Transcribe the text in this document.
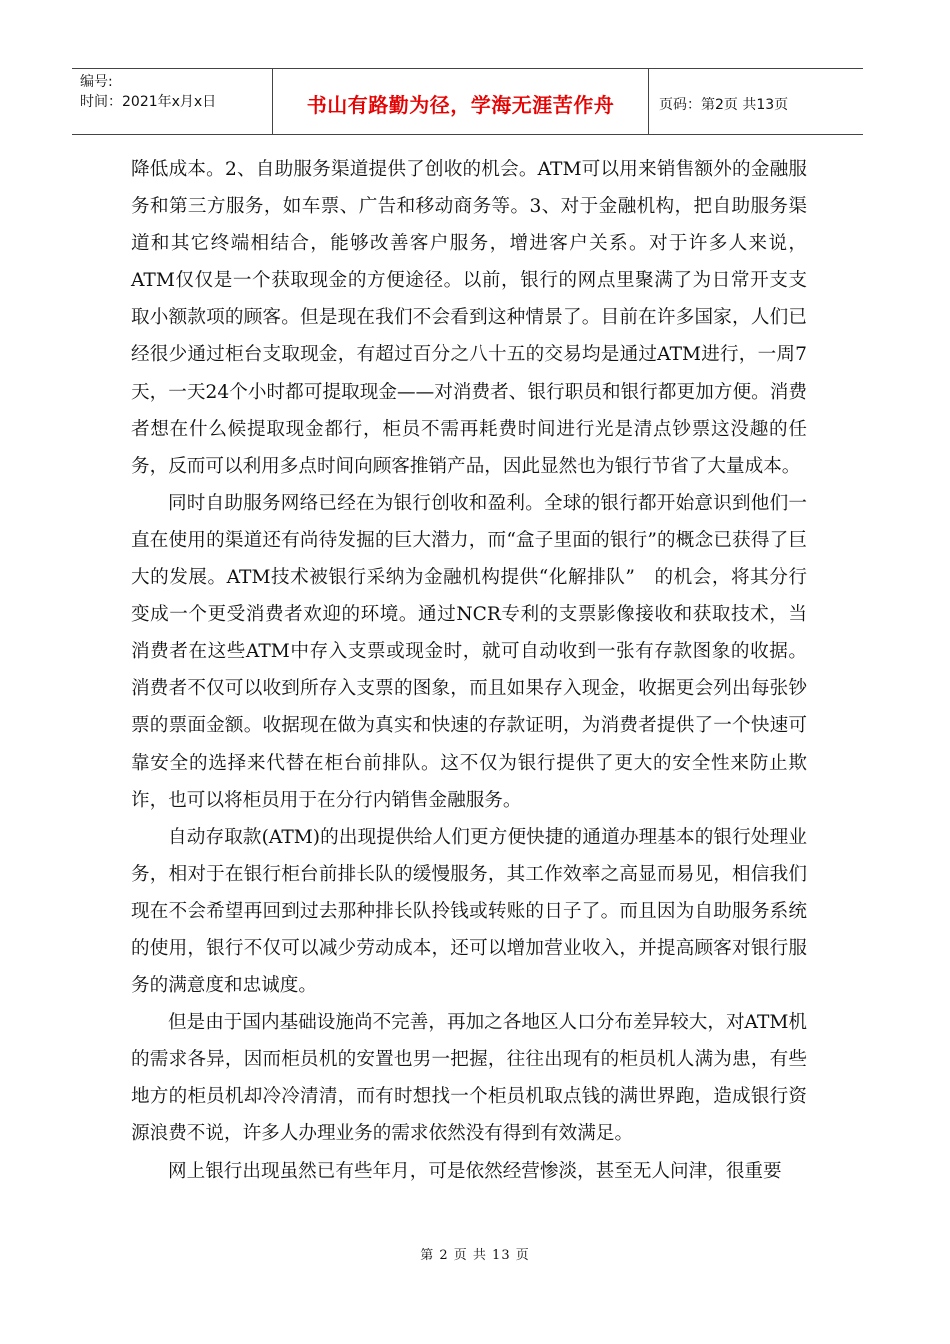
编号:
时间：2021年x月x日	书山有路勤为径，学海无涯苦作舟	页码：第2页 共13页

降低成本。2、自助服务渠道提供了创收的机会。ATM可以用来销售额外的金融服务和第三方服务，如车票、广告和移动商务等。3、对于金融机构，把自助服务渠道和其它终端相结合，能够改善客户服务，增进客户关系。对于许多人来说，ATM仅仅是一个获取现金的方便途径。以前，银行的网点里聚满了为日常开支支取小额款项的顾客。但是现在我们不会看到这种情景了。目前在许多国家，人们已经很少通过柜台支取现金，有超过百分之八十五的交易均是通过ATM进行，一周7天，一天24个小时都可提取现金——对消费者、银行职员和银行都更加方便。消费者想在什么候提取现金都行，柜员不需再耗费时间进行光是清点钞票这没趣的任务，反而可以利用多点时间向顾客推销产品，因此显然也为银行节省了大量成本。

同时自助服务网络已经在为银行创收和盈利。全球的银行都开始意识到他们一直在使用的渠道还有尚待发掘的巨大潜力，而“盒子里面的银行”的概念已获得了巨大的发展。ATM技术被银行采纳为金融机构提供“化解排队”　的机会，将其分行变成一个更受消费者欢迎的环境。通过NCR专利的支票影像接收和获取技术，当消费者在这些ATM中存入支票或现金时，就可自动收到一张有存款图象的收据。消费者不仅可以收到所存入支票的图象，而且如果存入现金，收据更会列出每张钞票的票面金额。收据现在做为真实和快速的存款证明，为消费者提供了一个快速可靠安全的选择来代替在柜台前排队。这不仅为银行提供了更大的安全性来防止欺诈，也可以将柜员用于在分行内销售金融服务。

自动存取款(ATM)的出现提供给人们更方便快捷的通道办理基本的银行处理业务，相对于在银行柜台前排长队的缓慢服务，其工作效率之高显而易见，相信我们现在不会希望再回到过去那种排长队拎钱或转账的日子了。而且因为自助服务系统的使用，银行不仅可以减少劳动成本，还可以增加营业收入，并提高顾客对银行服务的满意度和忠诚度。

但是由于国内基础设施尚不完善，再加之各地区人口分布差异较大，对ATM机的需求各异，因而柜员机的安置也男一把握，往往出现有的柜员机人满为患，有些地方的柜员机却冷冷清清，而有时想找一个柜员机取点钱的满世界跑，造成银行资源浪费不说，许多人办理业务的需求依然没有得到有效满足。

网上银行出现虽然已有些年月，可是依然经营惨淡，甚至无人问津，很重要

第 2 页 共 13 页
